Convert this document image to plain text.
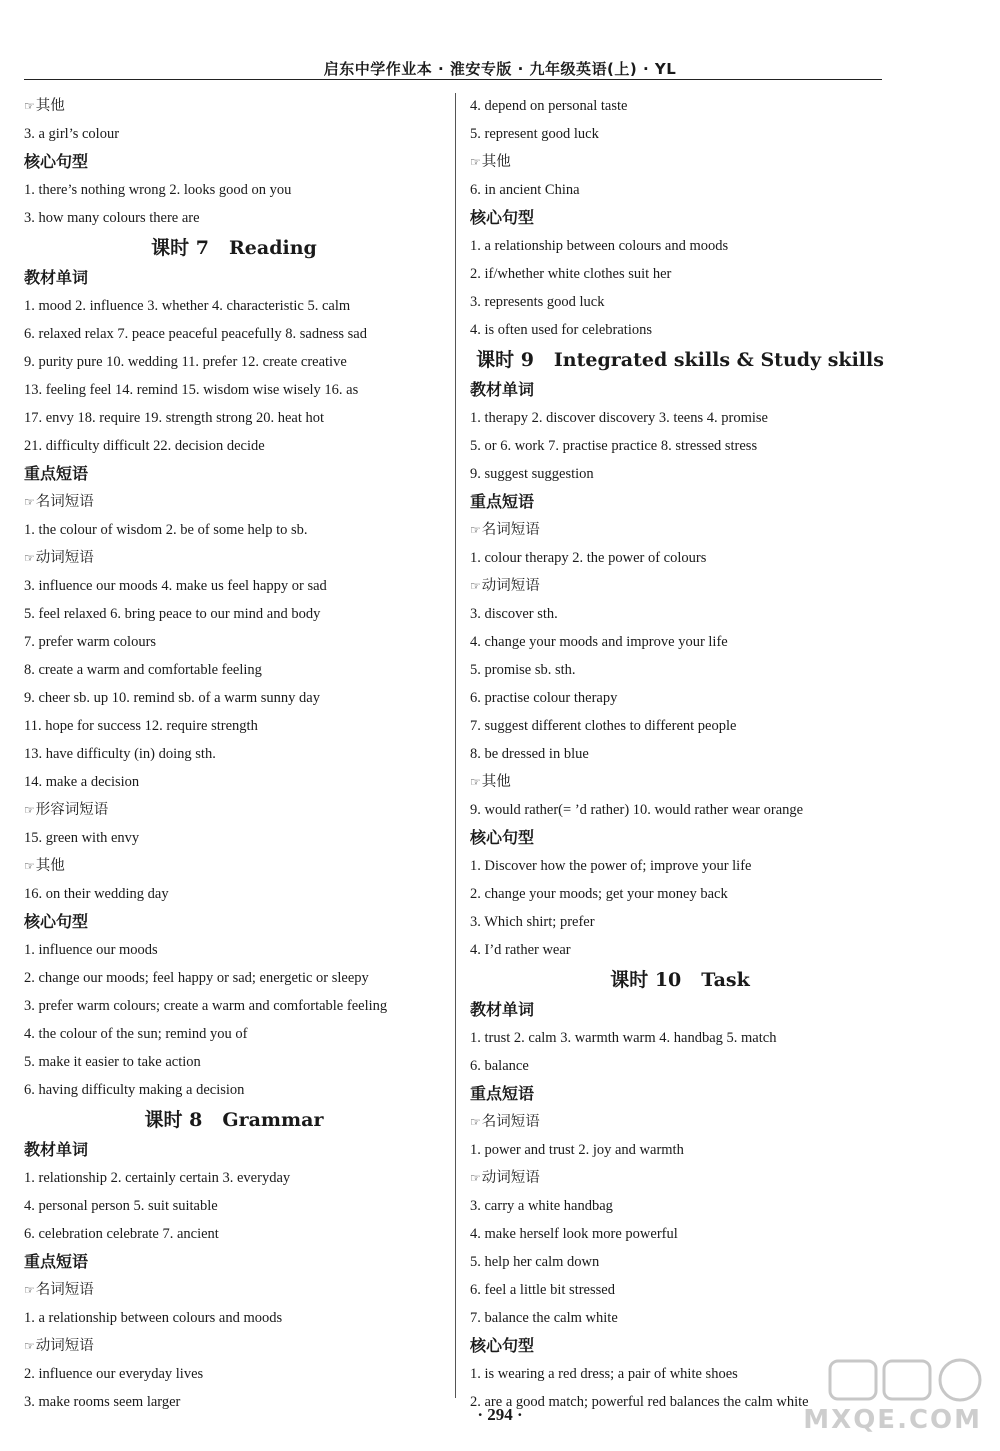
启东中学作业本 · 淮安专版 · 九年级英语(上) · YL
☞ 其他
3. a girl’s colour
核心句型
1. there’s nothing wrong 2. looks good on you
3. how many colours there are
课时 7 Reading
教材单词
1. mood 2. influence 3. whether 4. characteristic 5. calm
6. relaxed relax 7. peace peaceful peacefully 8. sadness sad
9. purity pure 10. wedding 11. prefer 12. create creative
13. feeling feel 14. remind 15. wisdom wise wisely 16. as
17. envy 18. require 19. strength strong 20. heat hot
21. difficulty difficult 22. decision decide
重点短语
☞ 名词短语
1. the colour of wisdom 2. be of some help to sb.
☞ 动词短语
3. influence our moods 4. make us feel happy or sad
5. feel relaxed 6. bring peace to our mind and body
7. prefer warm colours
8. create a warm and comfortable feeling
9. cheer sb. up 10. remind sb. of a warm sunny day
11. hope for success 12. require strength
13. have difficulty (in) doing sth.
14. make a decision
☞ 形容词短语
15. green with envy
☞ 其他
16. on their wedding day
核心句型
1. influence our moods
2. change our moods; feel happy or sad; energetic or sleepy
3. prefer warm colours; create a warm and comfortable feeling
4. the colour of the sun; remind you of
5. make it easier to take action
6. having difficulty making a decision
课时 8 Grammar
教材单词
1. relationship 2. certainly certain 3. everyday
4. personal person 5. suit suitable
6. celebration celebrate 7. ancient
重点短语
☞ 名词短语
1. a relationship between colours and moods
☞ 动词短语
2. influence our everyday lives
3. make rooms seem larger
4. depend on personal taste
5. represent good luck
☞ 其他
6. in ancient China
核心句型
1. a relationship between colours and moods
2. if/whether white clothes suit her
3. represents good luck
4. is often used for celebrations
课时 9 Integrated skills & Study skills
教材单词
1. therapy 2. discover discovery 3. teens 4. promise
5. or 6. work 7. practise practice 8. stressed stress
9. suggest suggestion
重点短语
☞ 名词短语
1. colour therapy 2. the power of colours
☞ 动词短语
3. discover sth.
4. change your moods and improve your life
5. promise sb. sth.
6. practise colour therapy
7. suggest different clothes to different people
8. be dressed in blue
☞ 其他
9. would rather(= ’d rather) 10. would rather wear orange
核心句型
1. Discover how the power of; improve your life
2. change your moods; get your money back
3. Which shirt; prefer
4. I’d rather wear
课时 10 Task
教材单词
1. trust 2. calm 3. warmth warm 4. handbag 5. match
6. balance
重点短语
☞ 名词短语
1. power and trust 2. joy and warmth
☞ 动词短语
3. carry a white handbag
4. make herself look more powerful
5. help her calm down
6. feel a little bit stressed
7. balance the calm white
核心句型
1. is wearing a red dress; a pair of white shoes
2. are a good match; powerful red balances the calm white
· 294 ·	MXQE.COM
